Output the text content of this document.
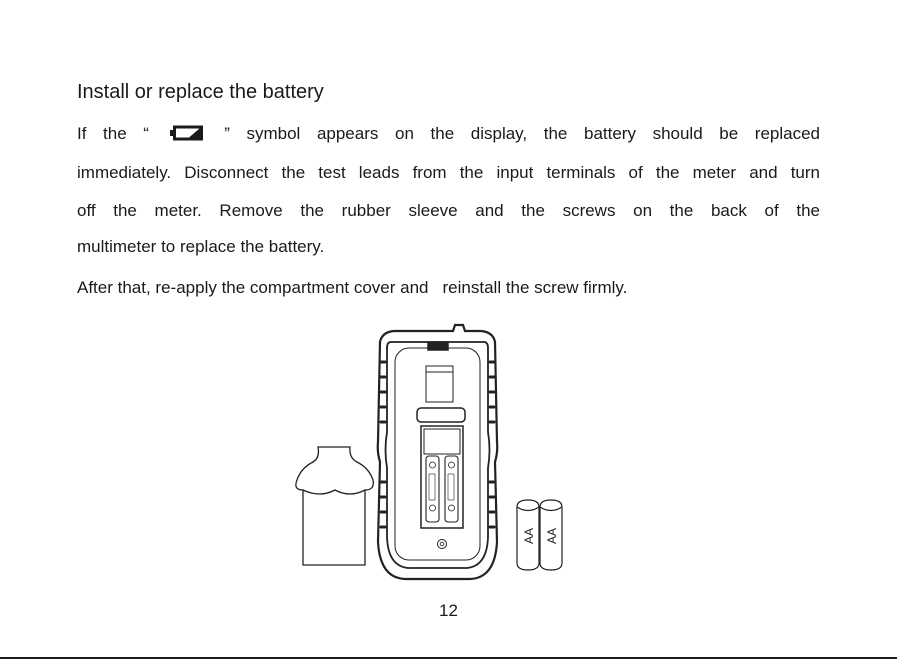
Install or replace the battery
If the “	” symbol appears on the display, the battery should be replaced
immediately. Disconnect the test leads from the input terminals of the meter and turn
off the meter. Remove the rubber sleeve and the screws on the back of the
multimeter to replace the battery.
After that, re-apply the compartment cover and reinstall the screw firmly.
AA AA
12
